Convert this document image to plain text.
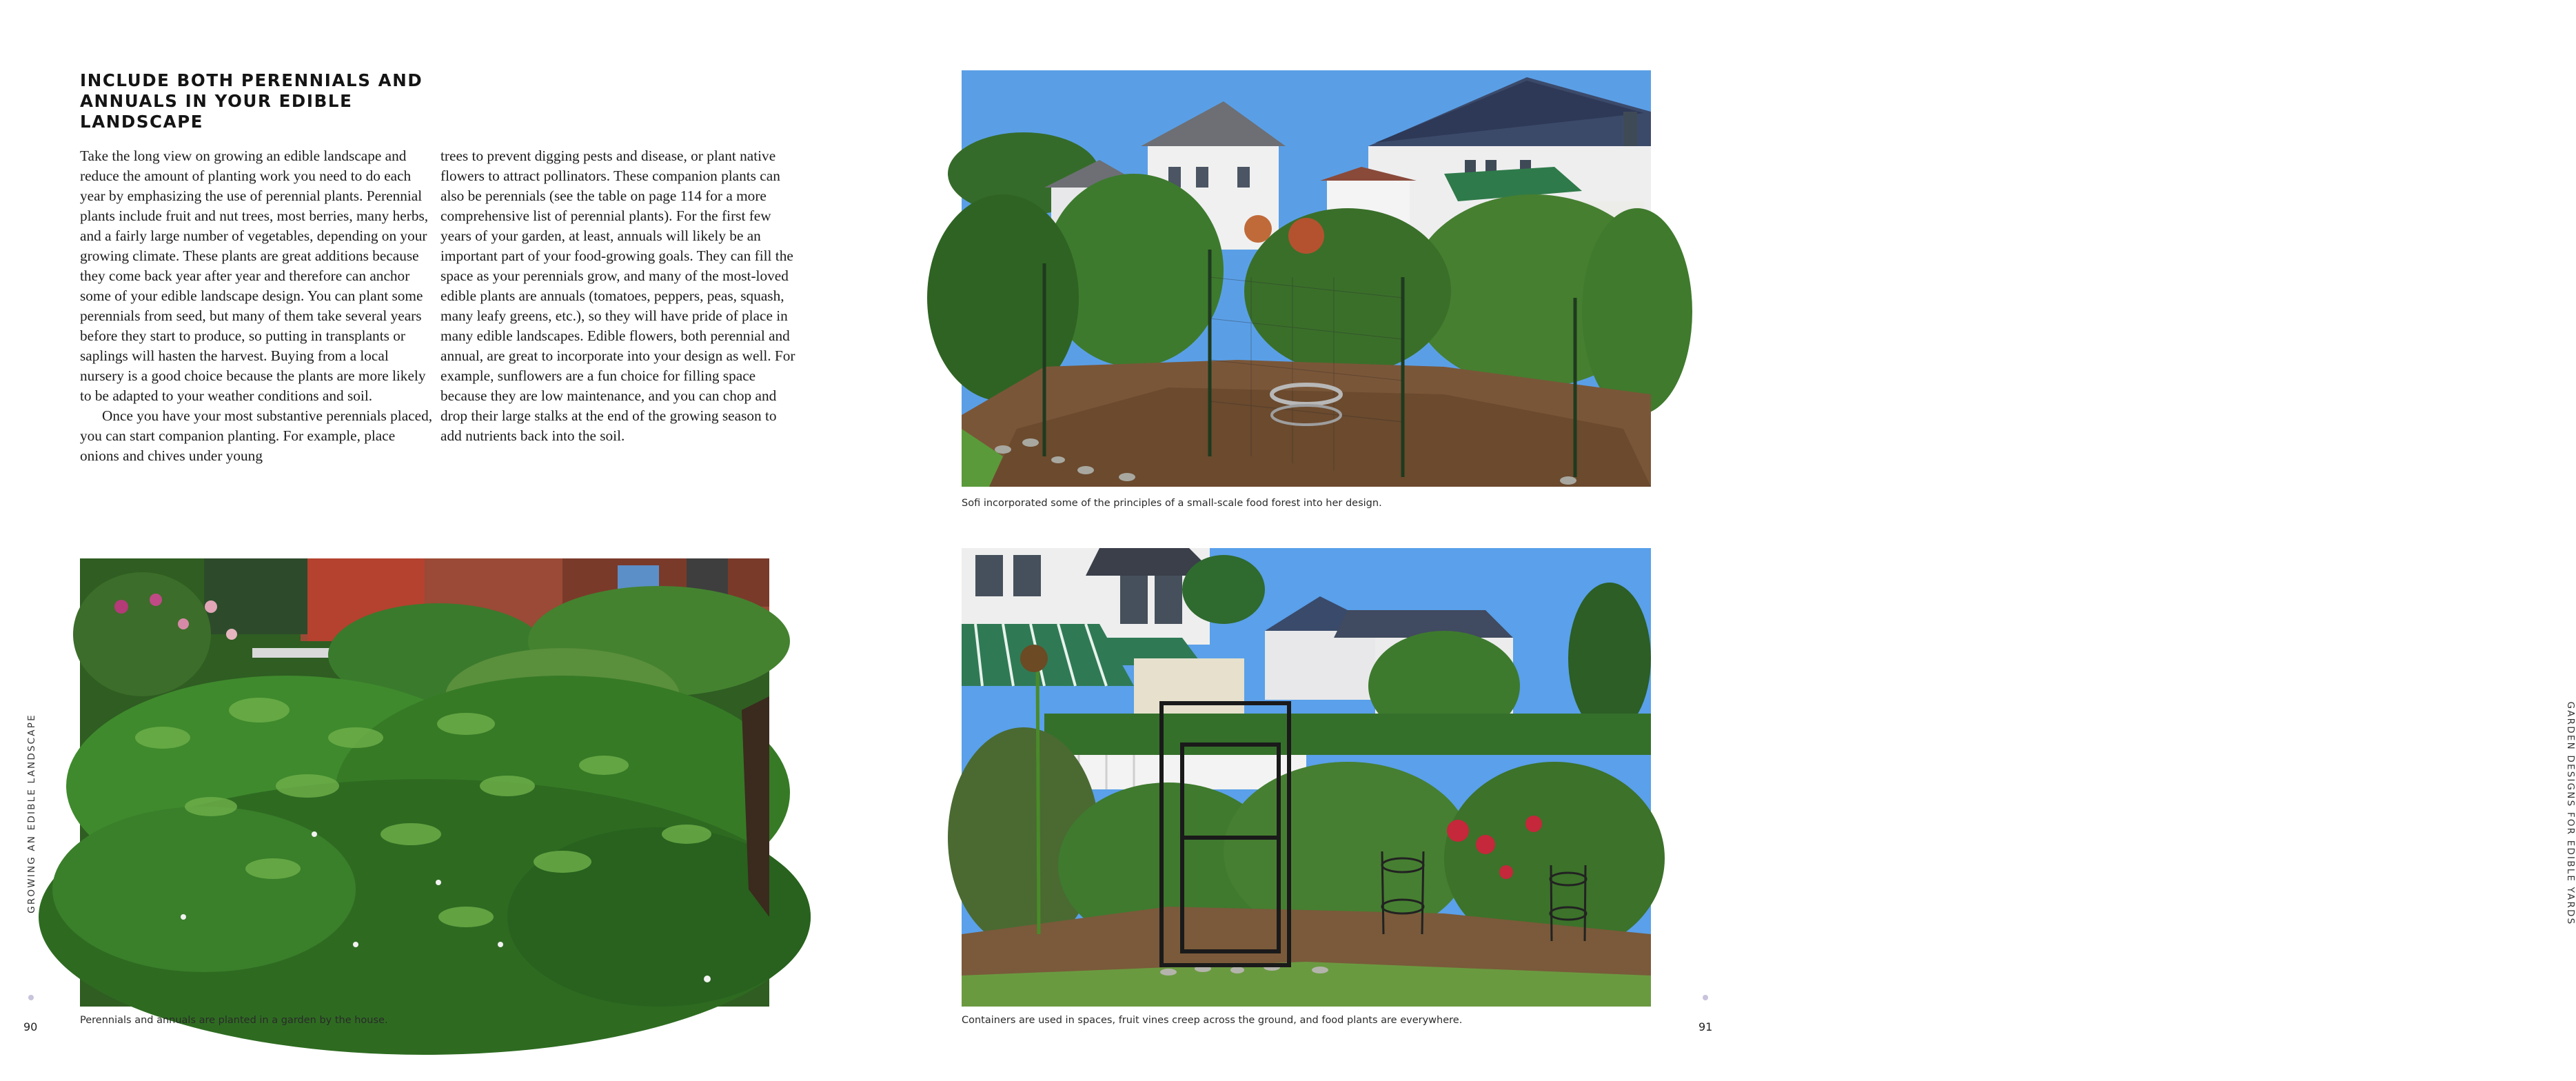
INCLUDE BOTH PERENNIALS AND ANNUALS IN YOUR EDIBLE LANDSCAPE

Take the long view on growing an edible landscape and reduce the amount of planting work you need to do each year by emphasizing the use of perennial plants. Perennial plants include fruit and nut trees, most berries, many herbs, and a fairly large number of vegetables, depending on your growing climate. These plants are great additions because they come back year after year and therefore can anchor some of your edible landscape design. You can plant some perennials from seed, but many of them take several years before they start to produce, so putting in transplants or saplings will hasten the harvest. Buying from a local nursery is a good choice because the plants are more likely to be adapted to your weather conditions and soil.

Once you have your most substantive perennials placed, you can start companion planting. For example, place onions and chives under young

trees to prevent digging pests and disease, or plant native flowers to attract pollinators. These companion plants can also be perennials (see the table on page 114 for a more comprehensive list of perennial plants). For the first few years of your garden, at least, annuals will likely be an important part of your food-growing goals. They can fill the space as your perennials grow, and many of the most-loved edible plants are annuals (tomatoes, peppers, peas, squash, many leafy greens, etc.), so they will have pride of place in many edible landscapes. Edible flowers, both perennial and annual, are great to incorporate into your design as well. For example, sunflowers are a fun choice for filling space because they are low maintenance, and you can chop and drop their large stalks at the end of the growing season to add nutrients back into the soil.

Perennials and annuals are planted in a garden by the house.
GROWING AN EDIBLE LANDSCAPE
90
Sofi incorporated some of the principles of a small-scale food forest into her design.
Containers are used in spaces, fruit vines creep across the ground, and food plants are everywhere.
GARDEN DESIGNS FOR EDIBLE YARDS
91
